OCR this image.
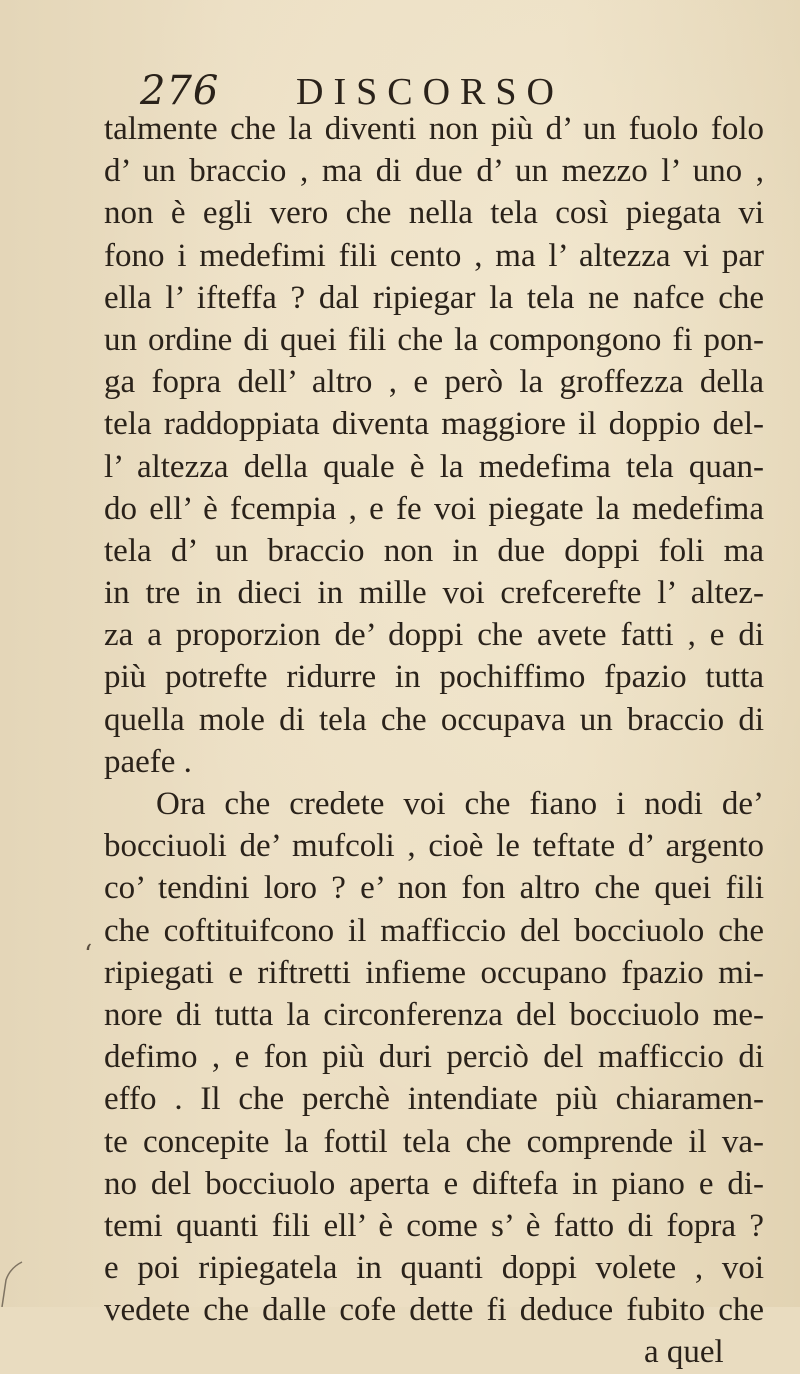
276 DISCORSO
talmente che la diventi non più d’ un fuolo folo
d’ un braccio , ma di due d’ un mezzo l’ uno ,
non è egli vero che nella tela così piegata vi
fono i medefimi fili cento , ma l’ altezza vi par
ella l’ ifteffa ? dal ripiegar la tela ne nafce che
un ordine di quei fili che la compongono fi pon-
ga fopra dell’ altro , e però la groffezza della
tela raddoppiata diventa maggiore il doppio del-
l’ altezza della quale è la medefima tela quan-
do ell’ è fcempia , e fe voi piegate la medefima
tela d’ un braccio non in due doppi foli ma
in tre in dieci in mille voi crefcerefte l’ altez-
za a proporzion de’ doppi che avete fatti , e di
più potrefte ridurre in pochiffimo fpazio tutta
quella mole di tela che occupava un braccio di
paefe .
Ora che credete voi che fiano i nodi de’
bocciuoli de’ mufcoli , cioè le teftate d’ argento
co’ tendini loro ? e’ non fon altro che quei fili
che coftituifcono il mafficcio del bocciuolo che
ripiegati e riftretti infieme occupano fpazio mi-
nore di tutta la circonferenza del bocciuolo me-
defimo , e fon più duri perciò del mafficcio di
effo . Il che perchè intendiate più chiaramen-
te concepite la fottil tela che comprende il va-
no del bocciuolo aperta e diftefa in piano e di-
temi quanti fili ell’ è come s’ è fatto di fopra ?
e poi ripiegatela in quanti doppi volete , voi
vedete che dalle cofe dette fi deduce fubito che
a quel
‘
